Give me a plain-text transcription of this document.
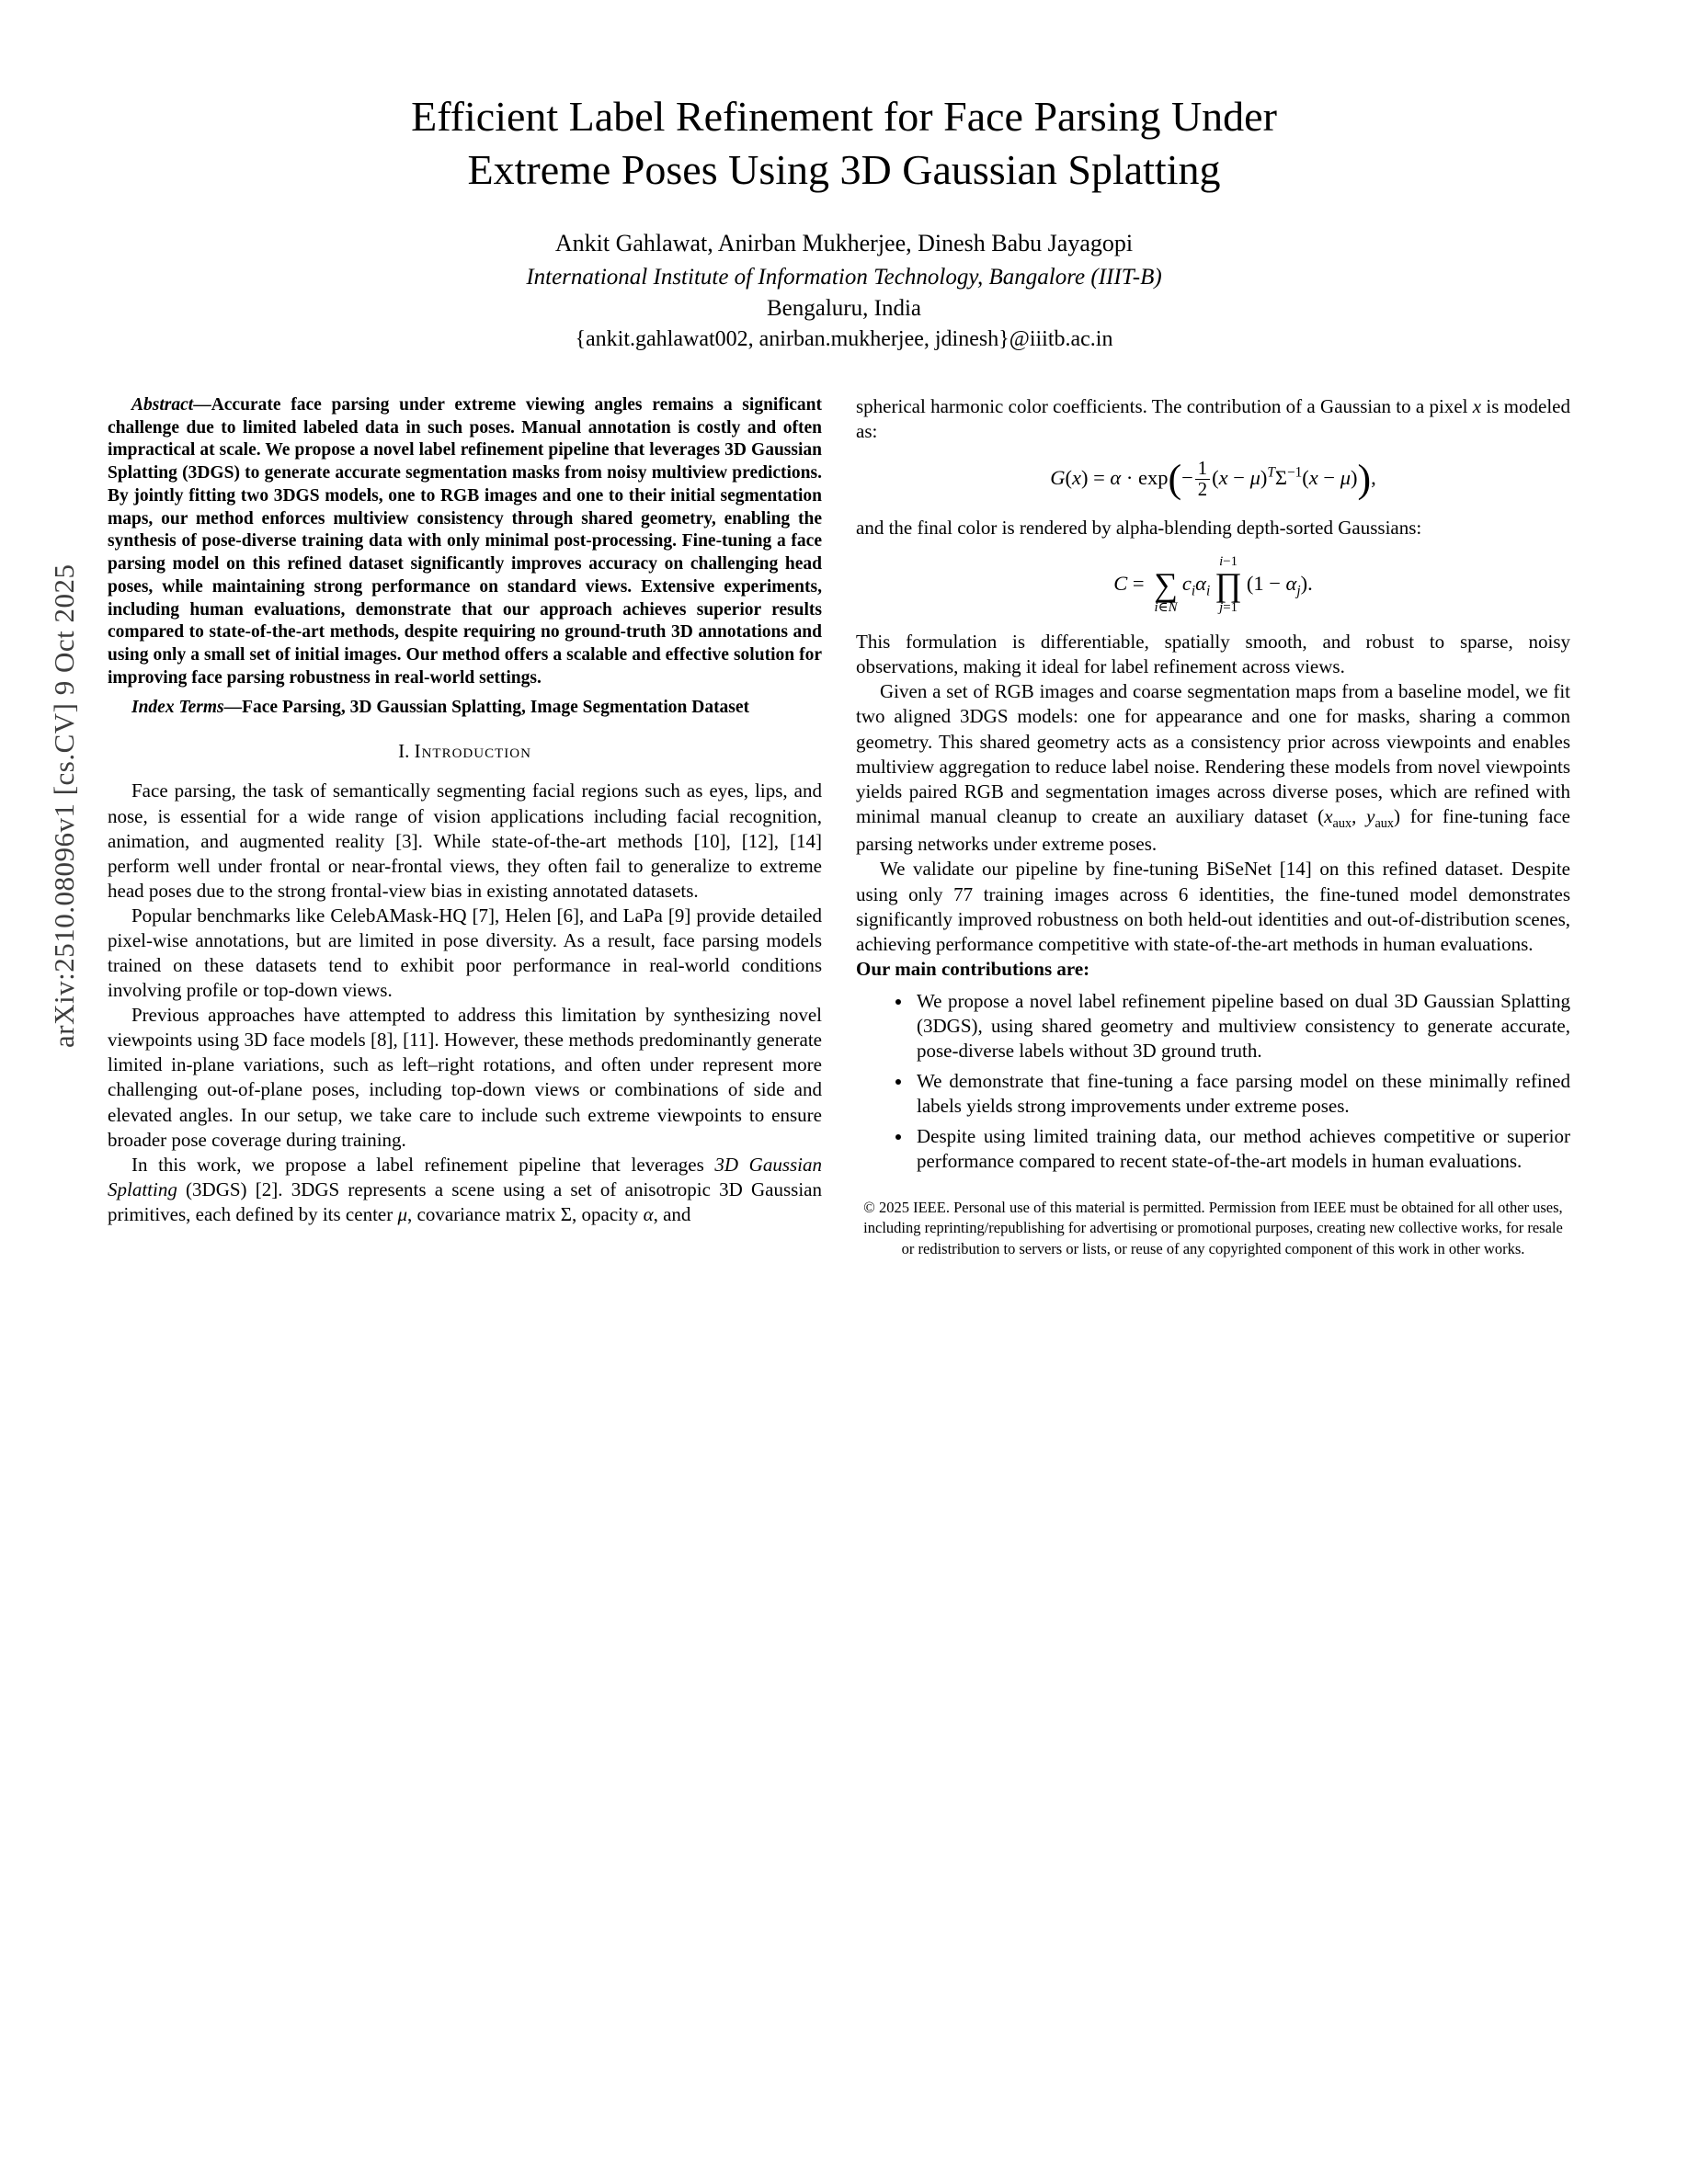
arXiv:2510.08096v1 [cs.CV] 9 Oct 2025
Efficient Label Refinement for Face Parsing Under
Extreme Poses Using 3D Gaussian Splatting
Ankit Gahlawat, Anirban Mukherjee, Dinesh Babu Jayagopi
International Institute of Information Technology, Bangalore (IIIT-B)
Bengaluru, India
{ankit.gahlawat002, anirban.mukherjee, jdinesh}@iiitb.ac.in

Abstract—Accurate face parsing under extreme viewing angles remains a significant challenge due to limited labeled data in such poses. Manual annotation is costly and often impractical at scale. We propose a novel label refinement pipeline that leverages 3D Gaussian Splatting (3DGS) to generate accurate segmentation masks from noisy multiview predictions. By jointly fitting two 3DGS models, one to RGB images and one to their initial segmentation maps, our method enforces multiview consistency through shared geometry, enabling the synthesis of pose-diverse training data with only minimal post-processing. Fine-tuning a face parsing model on this refined dataset significantly improves accuracy on challenging head poses, while maintaining strong performance on standard views. Extensive experiments, including human evaluations, demonstrate that our approach achieves superior results compared to state-of-the-art methods, despite requiring no ground-truth 3D annotations and using only a small set of initial images. Our method offers a scalable and effective solution for improving face parsing robustness in real-world settings.

Index Terms—Face Parsing, 3D Gaussian Splatting, Image Segmentation Dataset

I. Introduction

Face parsing, the task of semantically segmenting facial regions such as eyes, lips, and nose, is essential for a wide range of vision applications including facial recognition, animation, and augmented reality [3]. While state-of-the-art methods [10], [12], [14] perform well under frontal or near-frontal views, they often fail to generalize to extreme head poses due to the strong frontal-view bias in existing annotated datasets.

Popular benchmarks like CelebAMask-HQ [7], Helen [6], and LaPa [9] provide detailed pixel-wise annotations, but are limited in pose diversity. As a result, face parsing models trained on these datasets tend to exhibit poor performance in real-world conditions involving profile or top-down views.

Previous approaches have attempted to address this limitation by synthesizing novel viewpoints using 3D face models [8], [11]. However, these methods predominantly generate limited in-plane variations, such as left–right rotations, and often under represent more challenging out-of-plane poses, including top-down views or combinations of side and elevated angles. In our setup, we take care to include such extreme viewpoints to ensure broader pose coverage during training.

In this work, we propose a label refinement pipeline that leverages 3D Gaussian Splatting (3DGS) [2]. 3DGS represents a scene using a set of anisotropic 3D Gaussian primitives, each defined by its center μ, covariance matrix Σ, opacity α, and

spherical harmonic color coefficients. The contribution of a Gaussian to a pixel x is modeled as:

$G(x) = \alpha \cdot \exp(- \frac{1}{2} (x - \mu)^T\Sigma^{-1}(x - \mu))$,

and the final color is rendered by alpha-blending depth-sorted Gaussians:

C =
∑
i∈N
$c_i\alpha_i$
i−1
∏
j=1
$(1 - \alpha_j)$.

This formulation is differentiable, spatially smooth, and robust to sparse, noisy observations, making it ideal for label refinement across views.

Given a set of RGB images and coarse segmentation maps from a baseline model, we fit two aligned 3DGS models: one for appearance and one for masks, sharing a common geometry. This shared geometry acts as a consistency prior across viewpoints and enables multiview aggregation to reduce label noise. Rendering these models from novel viewpoints yields paired RGB and segmentation images across diverse poses, which are refined with minimal manual cleanup to create an auxiliary dataset ($x_{aux}$, $y_{aux}$) for fine-tuning face parsing networks under extreme poses.

We validate our pipeline by fine-tuning BiSeNet [14] on this refined dataset. Despite using only 77 training images across 6 identities, the fine-tuned model demonstrates significantly improved robustness on both held-out identities and out-of-distribution scenes, achieving performance competitive with state-of-the-art methods in human evaluations.

Our main contributions are:

• We propose a novel label refinement pipeline based on dual 3D Gaussian Splatting (3DGS), using shared geometry and multiview consistency to generate accurate, pose-diverse labels without 3D ground truth.
• We demonstrate that fine-tuning a face parsing model on these minimally refined labels yields strong improvements under extreme poses.
• Despite using limited training data, our method achieves competitive or superior performance compared to recent state-of-the-art models in human evaluations.

© 2025 IEEE. Personal use of this material is permitted. Permission from IEEE must be obtained for all other uses, including reprinting/republishing for advertising or promotional purposes, creating new collective works, for resale or redistribution to servers or lists, or reuse of any copyrighted component of this work in other works.
